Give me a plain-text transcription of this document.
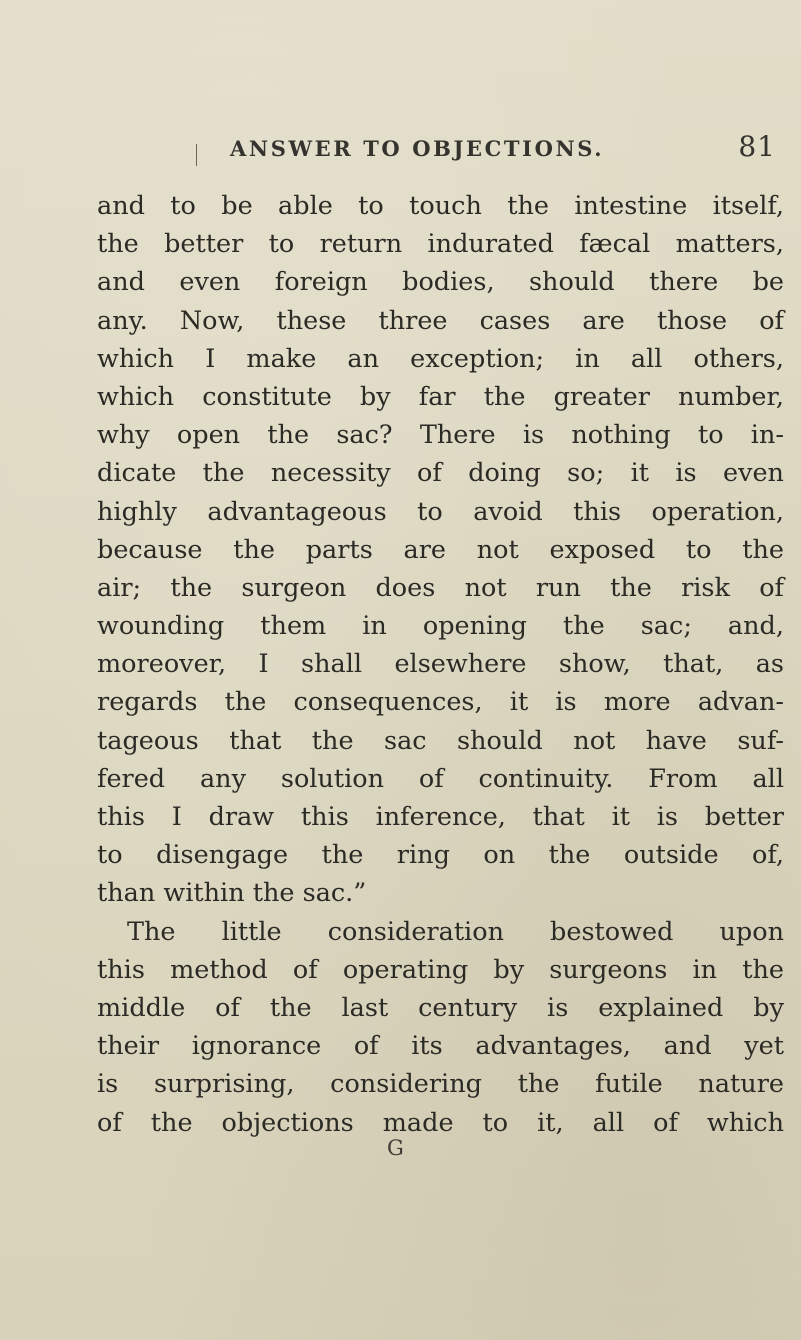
ANSWER TO OBJECTIONS.	81
and to be able to touch the intestine itself,
the better to return indurated fæcal matters,
and even foreign bodies, should there be
any. Now, these three cases are those of
which I make an exception; in all others,
which constitute by far the greater number,
why open the sac? There is nothing to in-
dicate the necessity of doing so; it is even
highly advantageous to avoid this operation,
because the parts are not exposed to the
air; the surgeon does not run the risk of
wounding them in opening the sac; and,
moreover, I shall elsewhere show, that, as
regards the consequences, it is more advan-
tageous that the sac should not have suf-
fered any solution of continuity. From all
this I draw this inference, that it is better
to disengage the ring on the outside of,
than within the sac.”
The little consideration bestowed upon
this method of operating by surgeons in the
middle of the last century is explained by
their ignorance of its advantages, and yet
is surprising, considering the futile nature
of the objections made to it, all of which
G
